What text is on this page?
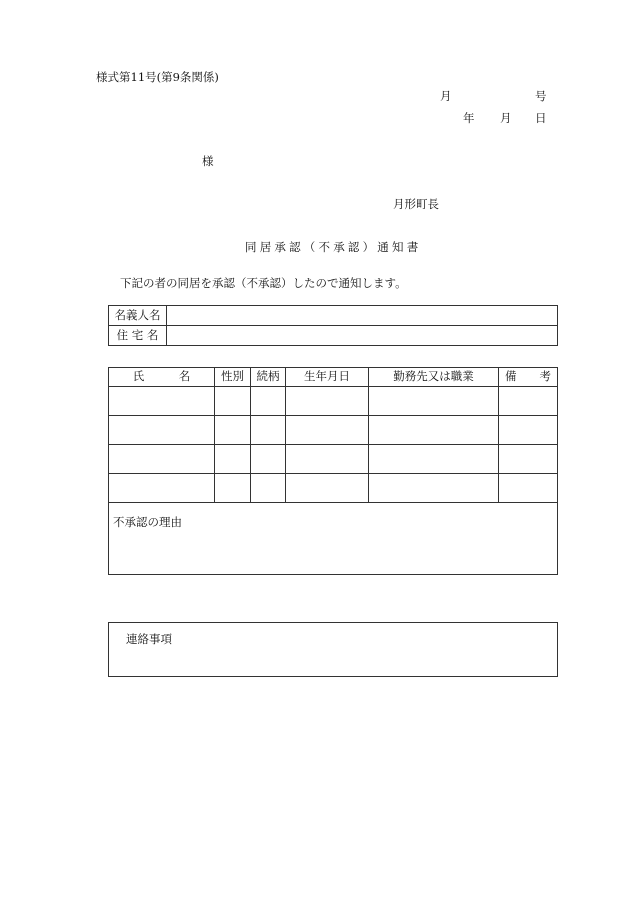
様式第11号(第9条関係)
月	号
年 月 日
様
月形町長
同居承認（不承認）通知書
下記の者の同居を承認（不承認）したので通知します。
名義人名	
住 宅 名	
氏　　　名	性別	続柄	生年月日	勤務先又は職業	備　　考

不承認の理由
連絡事項
